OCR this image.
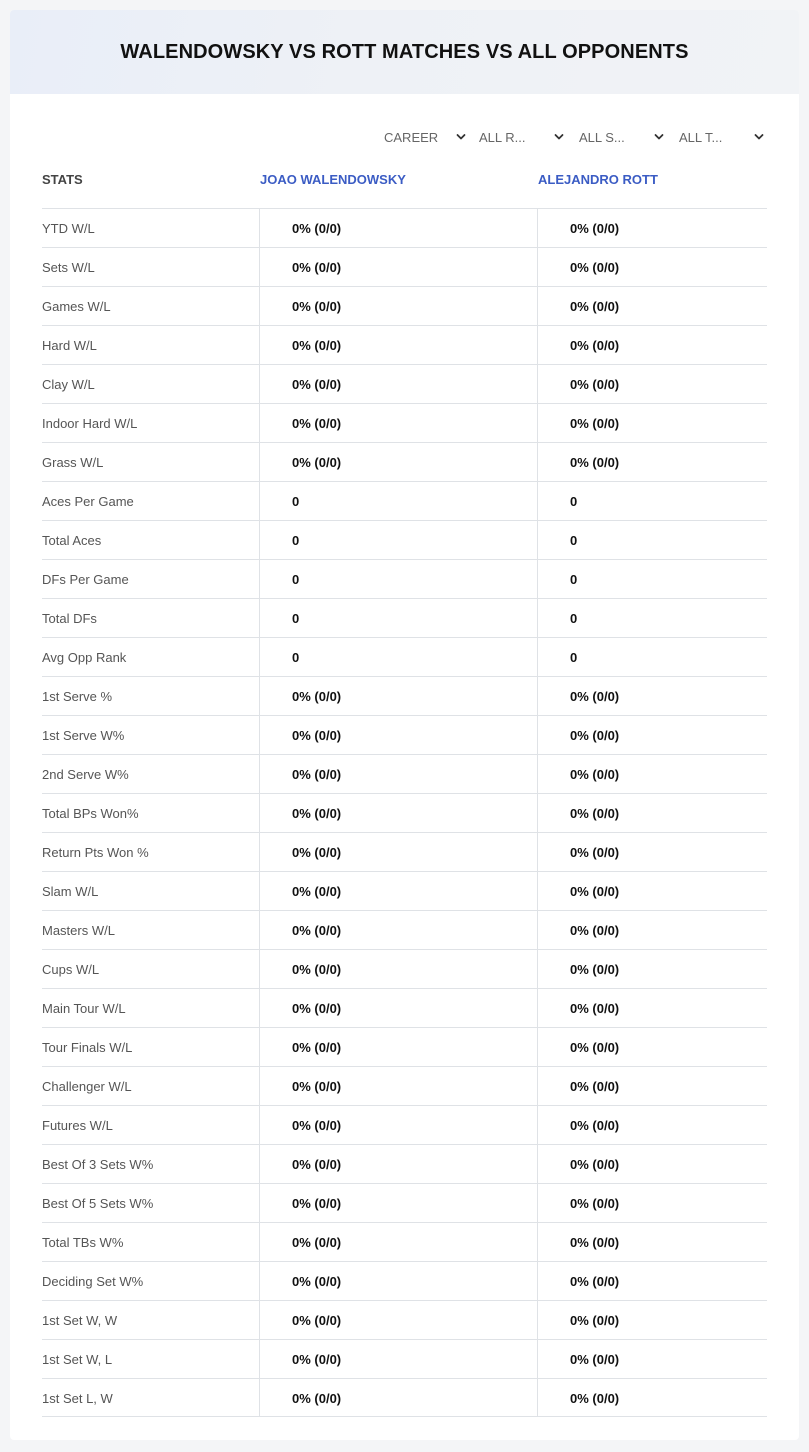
WALENDOWSKY VS ROTT MATCHES VS ALL OPPONENTS
CAREER	ALL R...	ALL S...	ALL T...
STATS	JOAO WALENDOWSKY	ALEJANDRO ROTT
YTD W/L	0% (0/0)	0% (0/0)
Sets W/L	0% (0/0)	0% (0/0)
Games W/L	0% (0/0)	0% (0/0)
Hard W/L	0% (0/0)	0% (0/0)
Clay W/L	0% (0/0)	0% (0/0)
Indoor Hard W/L	0% (0/0)	0% (0/0)
Grass W/L	0% (0/0)	0% (0/0)
Aces Per Game	0	0
Total Aces	0	0
DFs Per Game	0	0
Total DFs	0	0
Avg Opp Rank	0	0
1st Serve %	0% (0/0)	0% (0/0)
1st Serve W%	0% (0/0)	0% (0/0)
2nd Serve W%	0% (0/0)	0% (0/0)
Total BPs Won%	0% (0/0)	0% (0/0)
Return Pts Won %	0% (0/0)	0% (0/0)
Slam W/L	0% (0/0)	0% (0/0)
Masters W/L	0% (0/0)	0% (0/0)
Cups W/L	0% (0/0)	0% (0/0)
Main Tour W/L	0% (0/0)	0% (0/0)
Tour Finals W/L	0% (0/0)	0% (0/0)
Challenger W/L	0% (0/0)	0% (0/0)
Futures W/L	0% (0/0)	0% (0/0)
Best Of 3 Sets W%	0% (0/0)	0% (0/0)
Best Of 5 Sets W%	0% (0/0)	0% (0/0)
Total TBs W%	0% (0/0)	0% (0/0)
Deciding Set W%	0% (0/0)	0% (0/0)
1st Set W, W	0% (0/0)	0% (0/0)
1st Set W, L	0% (0/0)	0% (0/0)
1st Set L, W	0% (0/0)	0% (0/0)
